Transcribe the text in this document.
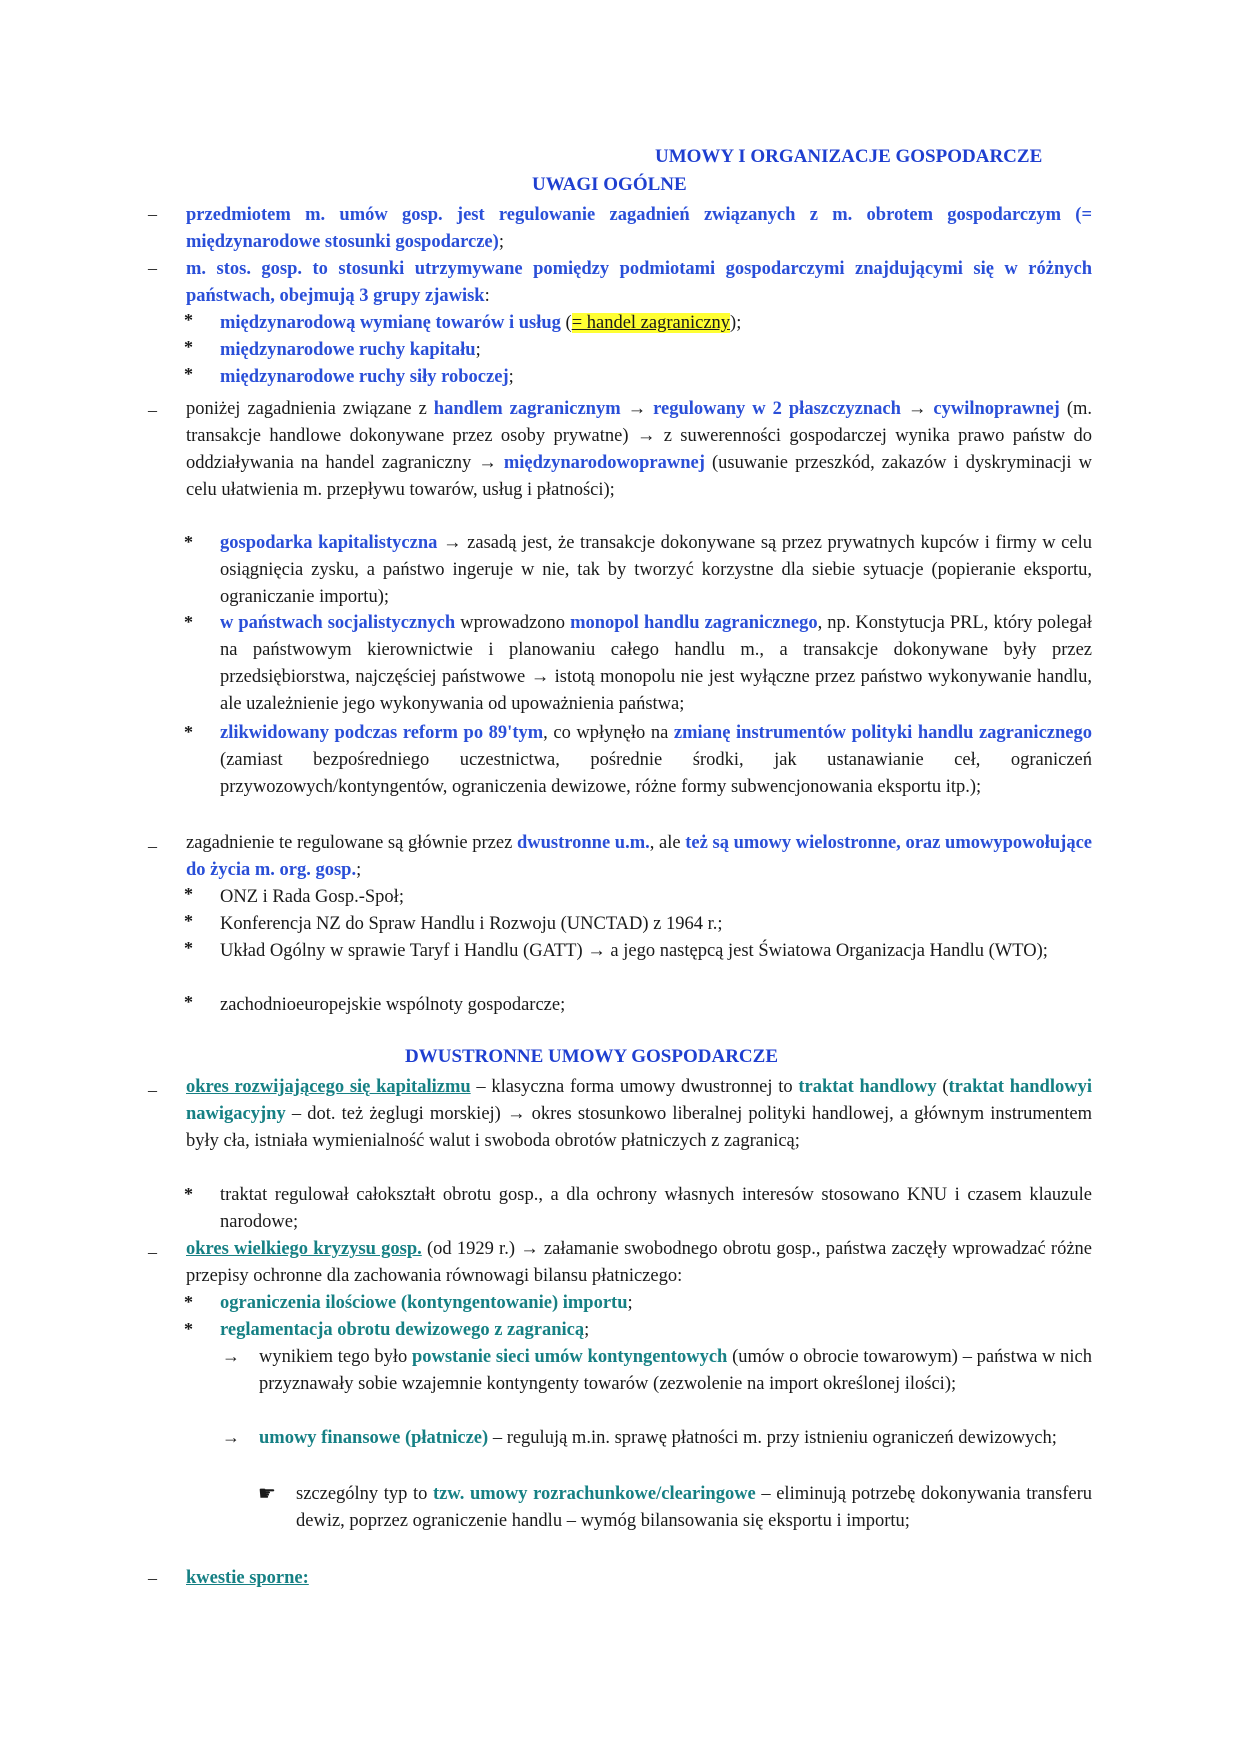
UMOWY I ORGANIZACJE GOSPODARCZE
UWAGI OGÓLNE
– przedmiotem m. umów gosp. jest regulowanie zagadnień związanych z m. obrotem gospodarczym (= międzynarodowe stosunki gospodarcze);
– m. stos. gosp. to stosunki utrzymywane pomiędzy podmiotami gospodarczymi znajdującymi się w różnych państwach, obejmują 3 grupy zjawisk:
* międzynarodową wymianę towarów i usług (= handel zagraniczny);
* międzynarodowe ruchy kapitału;
* międzynarodowe ruchy siły roboczej;
– poniżej zagadnienia związane z handlem zagranicznym → regulowany w 2 płaszczyznach → cywilnoprawnej (m. transakcje handlowe dokonywane przez osoby prywatne) → z suwerenności gospodarczej wynika prawo państw do oddziaływania na handel zagraniczny → międzynarodowoprawnej (usuwanie przeszkód, zakazów i dyskryminacji w celu ułatwienia m. przepływu towarów, usług i płatności);
* gospodarka kapitalistyczna → zasadą jest, że transakcje dokonywane są przez prywatnych kupców i firmy w celu osiągnięcia zysku, a państwo ingeruje w nie, tak by tworzyć korzystne dla siebie sytuacje (popieranie eksportu, ograniczanie importu);
* w państwach socjalistycznych wprowadzono monopol handlu zagranicznego, np. Konstytucja PRL, który polegał na państwowym kierownictwie i planowaniu całego handlu m., a transakcje dokonywane były przez przedsiębiorstwa, najczęściej państwowe → istotą monopolu nie jest wyłączne przez państwo wykonywanie handlu, ale uzależnienie jego wykonywania od upoważnienia państwa;
* zlikwidowany podczas reform po 89'tym, co wpłynęło na zmianę instrumentów polityki handlu zagranicznego (zamiast bezpośredniego uczestnictwa, pośrednie środki, jak ustanawianie ceł, ograniczeń przywozowych/kontyngentów, ograniczenia dewizowe, różne formy subwencjonowania eksportu itp.);
– zagadnienie te regulowane są głównie przez dwustronne u.m., ale też są umowy wielostronne, oraz umowypowołujące do życia m. org. gosp.;
* ONZ i Rada Gosp.-Społ;
* Konferencja NZ do Spraw Handlu i Rozwoju (UNCTAD) z 1964 r.;
* Układ Ogólny w sprawie Taryf i Handlu (GATT) → a jego następcą jest Światowa Organizacja Handlu (WTO);
* zachodnioeuropejskie wspólnoty gospodarcze;
DWUSTRONNE UMOWY GOSPODARCZE
– okres rozwijającego się kapitalizmu – klasyczna forma umowy dwustronnej to traktat handlowy (traktat handlowyi nawigacyjny – dot. też żeglugi morskiej) → okres stosunkowo liberalnej polityki handlowej, a głównym instrumentem były cła, istniała wymienialność walut i swoboda obrotów płatniczych z zagranicą;
* traktat regulował całokształt obrotu gosp., a dla ochrony własnych interesów stosowano KNU i czasem klauzule narodowe;
– okres wielkiego kryzysu gosp. (od 1929 r.) → załamanie swobodnego obrotu gosp., państwa zaczęły wprowadzać różne przepisy ochronne dla zachowania równowagi bilansu płatniczego:
* ograniczenia ilościowe (kontyngentowanie) importu;
* reglamentacja obrotu dewizowego z zagranicą;
→ wynikiem tego było powstanie sieci umów kontyngentowych (umów o obrocie towarowym) – państwa w nich przyznawały sobie wzajemnie kontyngenty towarów (zezwolenie na import określonej ilości);
→ umowy finansowe (płatnicze) – regulują m.in. sprawę płatności m. przy istnieniu ograniczeń dewizowych;
☛ szczególny typ to tzw. umowy rozrachunkowe/clearingowe – eliminują potrzebę dokonywania transferu dewiz, poprzez ograniczenie handlu – wymóg bilansowania się eksportu i importu;
– kwestie sporne:
